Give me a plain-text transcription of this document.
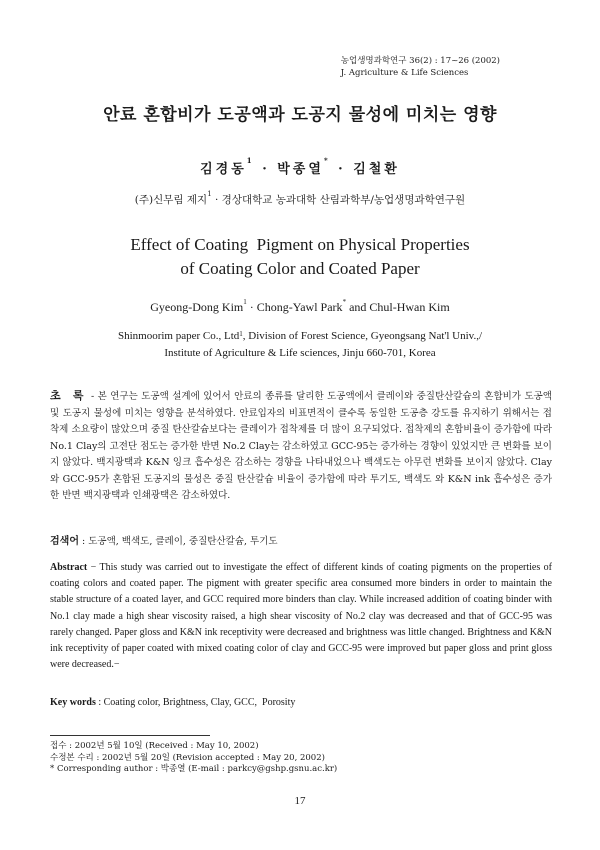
농업생명과학연구 36(2) : 17~26 (2002)
J. Agriculture & Life Sciences
안료 혼합비가 도공액과 도공지 물성에 미치는 영향
김경동$^1$ · 박종열* · 김철환
(주)신무림 제지$^1$ · 경상대학교 농과대학 산림과학부/농업생명과학연구원
Effect of Coating  Pigment on Physical Properties
of Coating Color and Coated Paper
Gyeong-Dong Kim$^1$ · Chong-Yawl Park* and Chul-Hwan Kim
Shinmoorim paper Co., Ltd$^1$, Division of Forest Science, Gyeongsang Nat'l Univ.,/
Institute of Agriculture & Life sciences, Jinju 660-701, Korea
초 록 - 본 연구는 도공액 설계에 있어서 안료의 종류를 달리한 도공액에서 클레이와 중질탄산칼슘의 혼합비가 도공액 및 도공지 물성에 미치는 영향을 분석하였다. 안료입자의 비표면적이 클수록 동일한 도공층 강도를 유지하기 위해서는 접착제 소요량이 많았으며 중질 탄산칼슘보다는 클레이가 접착제를 더 많이 요구되었다. 접착제의 혼합비율이 증가함에 따라 No.1 Clay의 고전단 점도는 증가한 반면 No.2 Clay는 감소하였고 GCC-95는 증가하는 경향이 있었지만 큰 변화를 보이지 않았다. 백지광택과 K&N 잉크 흡수성은 감소하는 경향을 나타내었으나 백색도는 아무런 변화를 보이지 않았다. Clay와 GCC-95가 혼합된 도공지의 물성은 중질 탄산칼슘 비율이 증가함에 따라 투기도, 백색도 와 K&N ink 흡수성은 증가한 반면 백지광택과 인쇄광택은 감소하였다.
검색어 : 도공액, 백색도, 클레이, 중질탄산칼슘, 투기도
Abstract − This study was carried out to investigate the effect of different kinds of coating pigments on the properties of coating colors and coated paper. The pigment with greater specific area consumed more binders in order to maintain the stable structure of a coated layer, and GCC required more binders than clay. While increased addition of coating binder with No.1 clay made a high shear viscosity raised, a high shear viscosity of No.2 clay was decreased and that of GCC-95 was rarely changed. Paper gloss and K&N ink receptivity were decreased and brightness was little changed. Brightness and K&N ink receptivity of paper coated with mixed coating color of clay and GCC-95 were improved but paper gloss and print gloss were decreased.−
Key words : Coating color, Brightness, Clay, GCC,  Porosity
접수 : 2002년 5월 10일 (Received : May 10, 2002)
수정본 수리 : 2002년 5월 20일 (Revision accepted : May 20, 2002)
* Corresponding author : 박종열 (E-mail : parkcy@gshp.gsnu.ac.kr)
17
